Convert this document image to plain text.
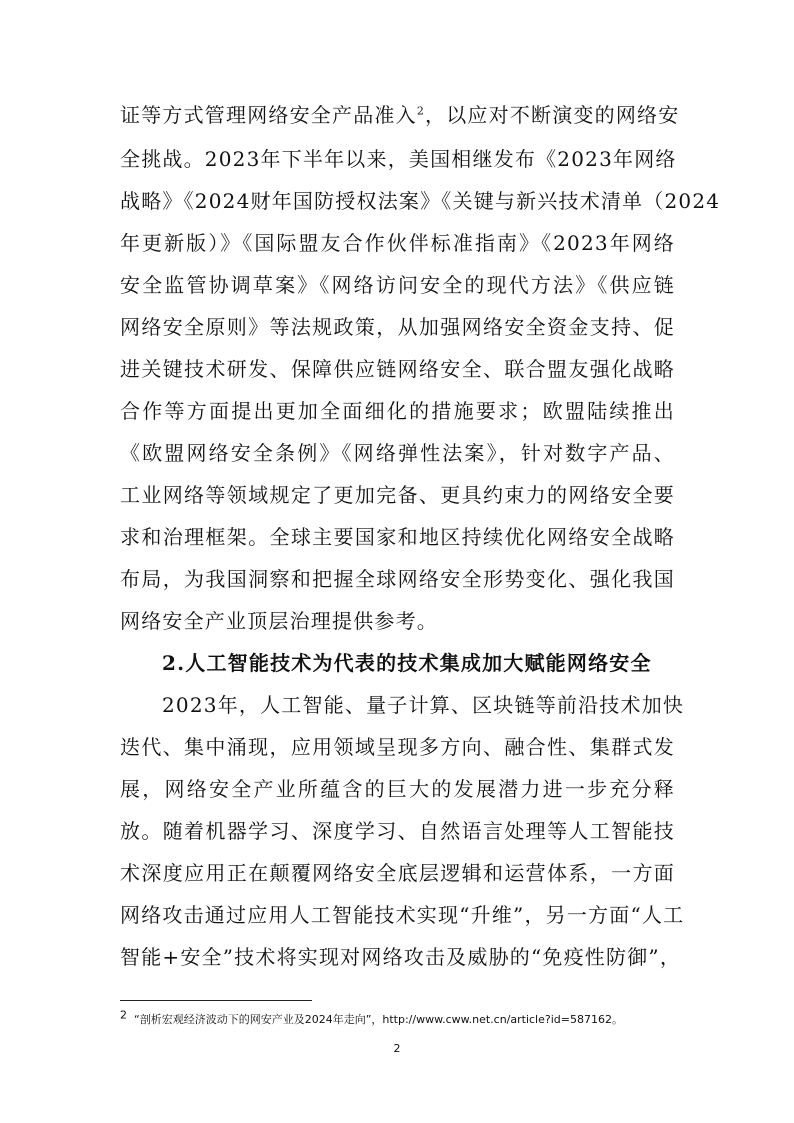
证等方式管理网络安全产品准入$^2$，以应对不断演变的网络安
全挑战。2023年下半年以来，美国相继发布《2023年网络
战略》《2024财年国防授权法案》《关键与新兴技术清单（2024
年更新版）》《国际盟友合作伙伴标准指南》《2023年网络
安全监管协调草案》《网络访问安全的现代方法》《供应链
网络安全原则》等法规政策，从加强网络安全资金支持、促
进关键技术研发、保障供应链网络安全、联合盟友强化战略
合作等方面提出更加全面细化的措施要求；欧盟陆续推出
《欧盟网络安全条例》《网络弹性法案》，针对数字产品、
工业网络等领域规定了更加完备、更具约束力的网络安全要
求和治理框架。全球主要国家和地区持续优化网络安全战略
布局，为我国洞察和把握全球网络安全形势变化、强化我国
网络安全产业顶层治理提供参考。
2.人工智能技术为代表的技术集成加大赋能网络安全
2023年，人工智能、量子计算、区块链等前沿技术加快
迭代、集中涌现，应用领域呈现多方向、融合性、集群式发
展，网络安全产业所蕴含的巨大的发展潜力进一步充分释
放。随着机器学习、深度学习、自然语言处理等人工智能技
术深度应用正在颠覆网络安全底层逻辑和运营体系，一方面
网络攻击通过应用人工智能技术实现“升维”，另一方面“人工
智能+安全”技术将实现对网络攻击及威胁的“免疫性防御”，
$^2$ “剖析宏观经济波动下的网安产业及2024年走向”，http://www.cww.net.cn/article?id=587162。
2
